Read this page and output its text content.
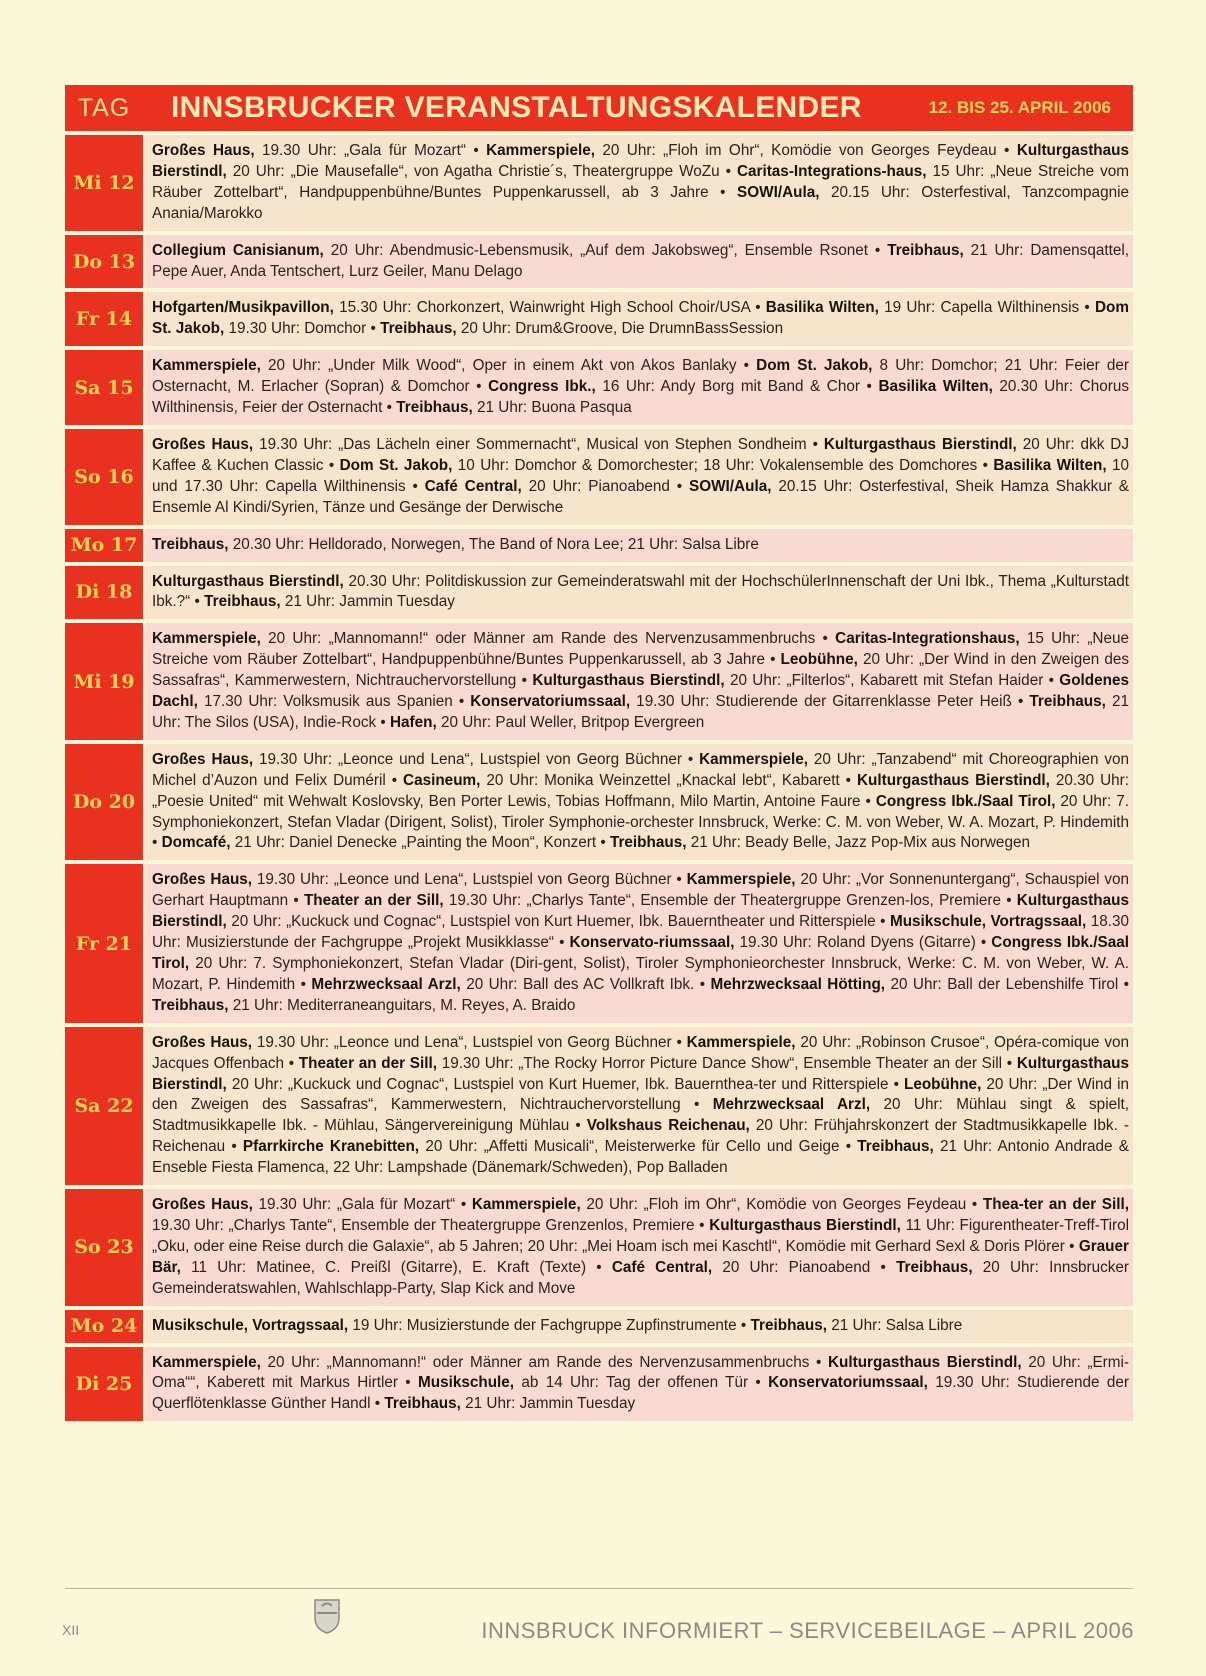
TAG	INNSBRUCKER VERANSTALTUNGSKALENDER	12. BIS 25. APRIL 2006
Mi 12
Großes Haus, 19.30 Uhr: „Gala für Mozart“ • Kammerspiele, 20 Uhr: „Floh im Ohr“, Komödie von Georges Feydeau • Kulturgasthaus Bierstindl, 20 Uhr: „Die Mausefalle“, von Agatha Christie´s, Theatergruppe WoZu • Caritas-Integrations-haus, 15 Uhr: „Neue Streiche vom Räuber Zottelbart“, Handpuppenbühne/Buntes Puppenkarussell, ab 3 Jahre • SOWI/Aula, 20.15 Uhr: Osterfestival, Tanzcompagnie Anania/Marokko
Do 13
Collegium Canisianum, 20 Uhr: Abendmusic-Lebensmusik, „Auf dem Jakobsweg“, Ensemble Rsonet • Treibhaus, 21 Uhr: Damensqattel, Pepe Auer, Anda Tentschert, Lurz Geiler, Manu Delago
Fr 14
Hofgarten/Musikpavillon, 15.30 Uhr: Chorkonzert, Wainwright High School Choir/USA • Basilika Wilten, 19 Uhr: Capella Wilthinensis • Dom St. Jakob, 19.30 Uhr: Domchor • Treibhaus, 20 Uhr: Drum&Groove, Die DrumnBassSession
Sa 15
Kammerspiele, 20 Uhr: „Under Milk Wood“, Oper in einem Akt von Akos Banlaky • Dom St. Jakob, 8 Uhr: Domchor; 21 Uhr: Feier der Osternacht, M. Erlacher (Sopran) & Domchor • Congress Ibk., 16 Uhr: Andy Borg mit Band & Chor • Basilika Wilten, 20.30 Uhr: Chorus Wilthinensis, Feier der Osternacht • Treibhaus, 21 Uhr: Buona Pasqua
So 16
Großes Haus, 19.30 Uhr: „Das Lächeln einer Sommernacht“, Musical von Stephen Sondheim • Kulturgasthaus Bierstindl, 20 Uhr: dkk DJ Kaffee & Kuchen Classic • Dom St. Jakob, 10 Uhr: Domchor & Domorchester; 18 Uhr: Vokalensemble des Domchores • Basilika Wilten, 10 und 17.30 Uhr: Capella Wilthinensis • Café Central, 20 Uhr: Pianoabend • SOWI/Aula, 20.15 Uhr: Osterfestival, Sheik Hamza Shakkur & Ensemle Al Kindi/Syrien, Tänze und Gesänge der Derwische
Mo 17 Treibhaus, 20.30 Uhr: Helldorado, Norwegen, The Band of Nora Lee; 21 Uhr: Salsa Libre
Di 18
Kulturgasthaus Bierstindl, 20.30 Uhr: Politdiskussion zur Gemeinderatswahl mit der HochschülerInnenschaft der Uni Ibk., Thema „Kulturstadt Ibk.?“ • Treibhaus, 21 Uhr: Jammin Tuesday
Mi 19
Kammerspiele, 20 Uhr: „Mannomann!“ oder Männer am Rande des Nervenzusammenbruchs • Caritas-Integrationshaus, 15 Uhr: „Neue Streiche vom Räuber Zottelbart“, Handpuppenbühne/Buntes Puppenkarussell, ab 3 Jahre • Leobühne, 20 Uhr: „Der Wind in den Zweigen des Sassafras“, Kammerwestern, Nichtrauchervorstellung • Kulturgasthaus Bierstindl, 20 Uhr: „Filterlos“, Kabarett mit Stefan Haider • Goldenes Dachl, 17.30 Uhr: Volksmusik aus Spanien • Konservatoriumssaal, 19.30 Uhr: Studierende der Gitarrenklasse Peter Heiß • Treibhaus, 21 Uhr: The Silos (USA), Indie-Rock • Hafen, 20 Uhr: Paul Weller, Britpop Evergreen
Do 20
Großes Haus, 19.30 Uhr: „Leonce und Lena“, Lustspiel von Georg Büchner • Kammerspiele, 20 Uhr: „Tanzabend“ mit Choreographien von Michel d’Auzon und Felix Duméril • Casineum, 20 Uhr: Monika Weinzettel „Knackal lebt“, Kabarett • Kulturgasthaus Bierstindl, 20.30 Uhr: „Poesie United“ mit Wehwalt Koslovsky, Ben Porter Lewis, Tobias Hoffmann, Milo Martin, Antoine Faure • Congress Ibk./Saal Tirol, 20 Uhr: 7. Symphoniekonzert, Stefan Vladar (Dirigent, Solist), Tiroler Symphonie-orchester Innsbruck, Werke: C. M. von Weber, W. A. Mozart, P. Hindemith • Domcafé, 21 Uhr: Daniel Denecke „Painting the Moon“, Konzert • Treibhaus, 21 Uhr: Beady Belle, Jazz Pop-Mix aus Norwegen
Fr 21
Großes Haus, 19.30 Uhr: „Leonce und Lena“, Lustspiel von Georg Büchner • Kammerspiele, 20 Uhr: „Vor Sonnenuntergang“, Schauspiel von Gerhart Hauptmann • Theater an der Sill, 19.30 Uhr: „Charlys Tante“, Ensemble der Theatergruppe Grenzen-los, Premiere • Kulturgasthaus Bierstindl, 20 Uhr: „Kuckuck und Cognac“, Lustspiel von Kurt Huemer, Ibk. Bauerntheater und Ritterspiele • Musikschule, Vortragssaal, 18.30 Uhr: Musizierstunde der Fachgruppe „Projekt Musikklasse“ • Konservato-riumssaal, 19.30 Uhr: Roland Dyens (Gitarre) • Congress Ibk./Saal Tirol, 20 Uhr: 7. Symphoniekonzert, Stefan Vladar (Diri-gent, Solist), Tiroler Symphonieorchester Innsbruck, Werke: C. M. von Weber, W. A. Mozart, P. Hindemith • Mehrzwecksaal Arzl, 20 Uhr: Ball des AC Vollkraft Ibk. • Mehrzwecksaal Hötting, 20 Uhr: Ball der Lebenshilfe Tirol • Treibhaus, 21 Uhr: Mediterraneanguitars, M. Reyes, A. Braido
Sa 22
Großes Haus, 19.30 Uhr: „Leonce und Lena“, Lustspiel von Georg Büchner • Kammerspiele, 20 Uhr: „Robinson Crusoe“, Opéra-comique von Jacques Offenbach • Theater an der Sill, 19.30 Uhr: „The Rocky Horror Picture Dance Show“, Ensemble Theater an der Sill • Kulturgasthaus Bierstindl, 20 Uhr: „Kuckuck und Cognac“, Lustspiel von Kurt Huemer, Ibk. Bauernthea-ter und Ritterspiele • Leobühne, 20 Uhr: „Der Wind in den Zweigen des Sassafras“, Kammerwestern, Nichtrauchervorstellung • Mehrzwecksaal Arzl, 20 Uhr: Mühlau singt & spielt, Stadtmusikkapelle Ibk. - Mühlau, Sängervereinigung Mühlau • Volkshaus Reichenau, 20 Uhr: Frühjahrskonzert der Stadtmusikkapelle Ibk. - Reichenau • Pfarrkirche Kranebitten, 20 Uhr: „Affetti Musicali“, Meisterwerke für Cello und Geige • Treibhaus, 21 Uhr: Antonio Andrade & Enseble Fiesta Flamenca, 22 Uhr: Lampshade (Dänemark/Schweden), Pop Balladen
So 23
Großes Haus, 19.30 Uhr: „Gala für Mozart“ • Kammerspiele, 20 Uhr: „Floh im Ohr“, Komödie von Georges Feydeau • Thea-ter an der Sill, 19.30 Uhr: „Charlys Tante“, Ensemble der Theatergruppe Grenzenlos, Premiere • Kulturgasthaus Bierstindl, 11 Uhr: Figurentheater-Treff-Tirol „Oku, oder eine Reise durch die Galaxie“, ab 5 Jahren; 20 Uhr: „Mei Hoam isch mei Kaschtl“, Komödie mit Gerhard Sexl & Doris Plörer • Grauer Bär, 11 Uhr: Matinee, C. Preißl (Gitarre), E. Kraft (Texte) • Café Central, 20 Uhr: Pianoabend • Treibhaus, 20 Uhr: Innsbrucker Gemeinderatswahlen, Wahlschlapp-Party, Slap Kick and Move
Mo 24 Musikschule, Vortragssaal, 19 Uhr: Musizierstunde der Fachgruppe Zupfinstrumente • Treibhaus, 21 Uhr: Salsa Libre
Di 25
Kammerspiele, 20 Uhr: „Mannomann!“ oder Männer am Rande des Nervenzusammenbruchs • Kulturgasthaus Bierstindl, 20 Uhr: „Ermi-Oma““, Kaberett mit Markus Hirtler • Musikschule, ab 14 Uhr: Tag der offenen Tür • Konservatoriumssaal, 19.30 Uhr: Studierende der Querflötenklasse Günther Handl • Treibhaus, 21 Uhr: Jammin Tuesday
XII	INNSBRUCK INFORMIERT – SERVICEBEILAGE – APRIL 2006
